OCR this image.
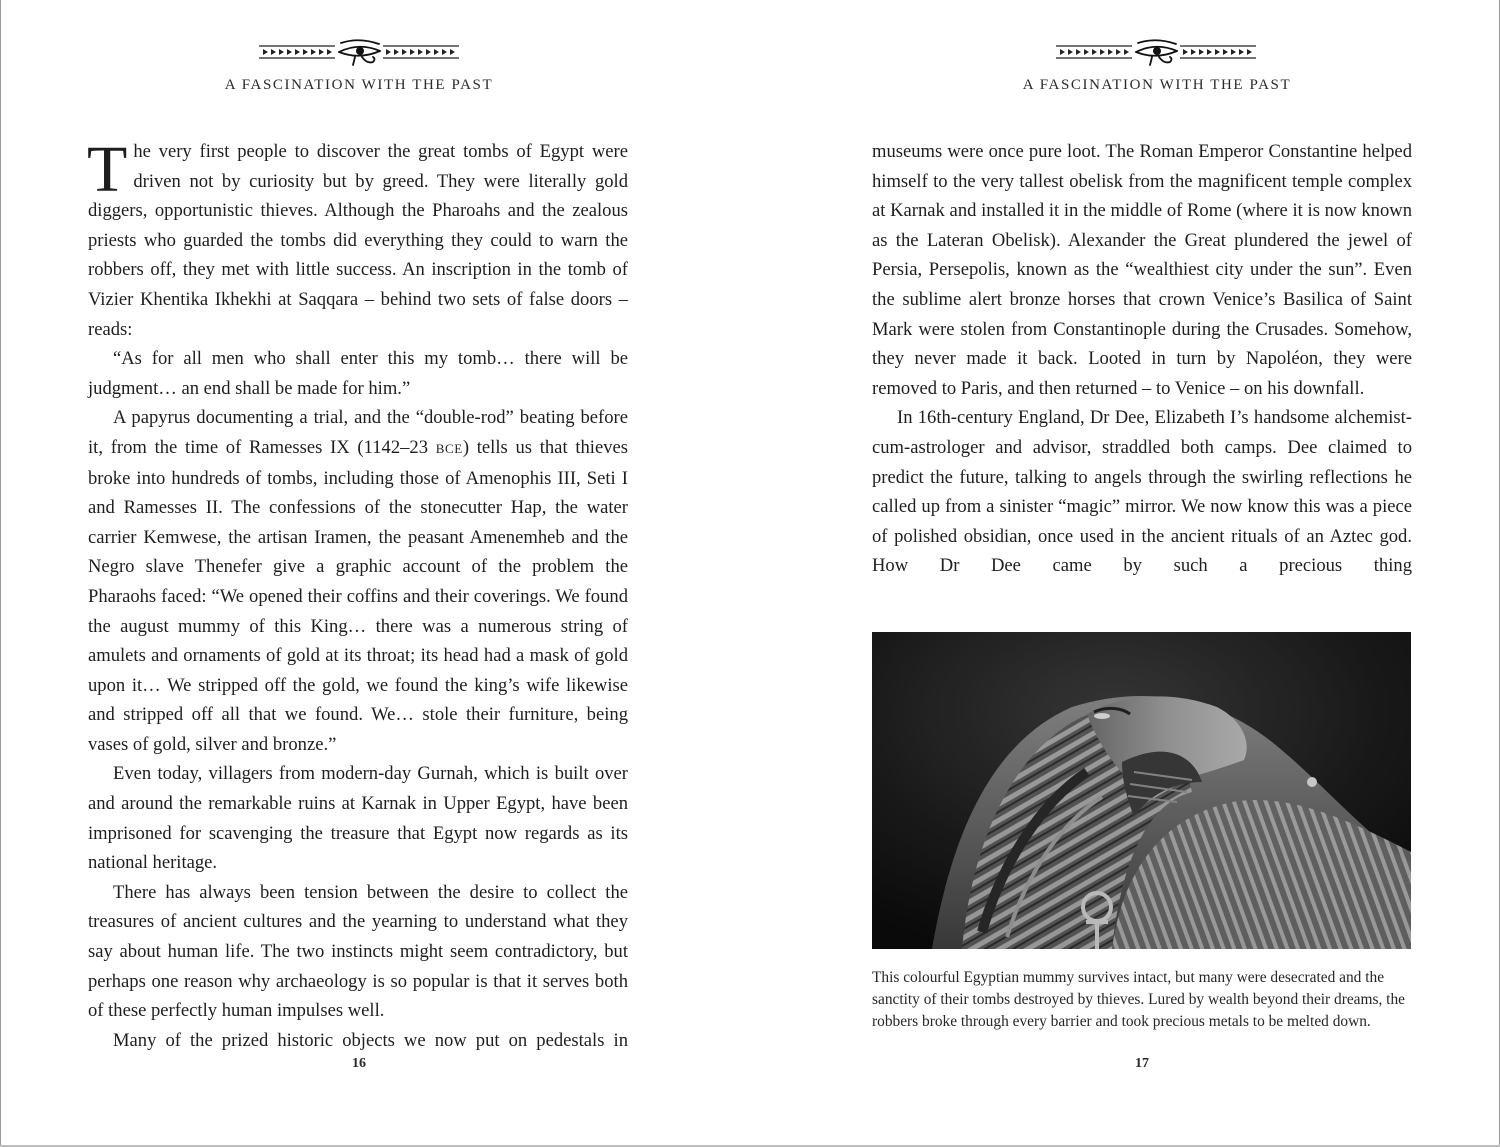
A FASCINATION WITH THE PAST

The very first people to discover the great tombs of Egypt were driven not by curiosity but by greed. They were literally gold diggers, opportunistic thieves. Although the Pharoahs and the zealous priests who guarded the tombs did everything they could to warn the robbers off, they met with little success. An inscription in the tomb of Vizier Khentika Ikhekhi at Saqqara – behind two sets of false doors – reads:

“As for all men who shall enter this my tomb… there will be judgment… an end shall be made for him.”

A papyrus documenting a trial, and the “double-rod” beating before it, from the time of Ramesses IX (1142–23 BCE) tells us that thieves broke into hundreds of tombs, including those of Amenophis III, Seti I and Ramesses II. The confessions of the stonecutter Hap, the water carrier Kemwese, the artisan Iramen, the peasant Amenemheb and the Negro slave Thenefer give a graphic account of the problem the Pharaohs faced: “We opened their coffins and their coverings. We found the august mummy of this King… there was a numerous string of amulets and ornaments of gold at its throat; its head had a mask of gold upon it… We stripped off the gold, we found the king’s wife likewise and stripped off all that we found. We… stole their furniture, being vases of gold, silver and bronze.”

Even today, villagers from modern-day Gurnah, which is built over and around the remarkable ruins at Karnak in Upper Egypt, have been imprisoned for scavenging the treasure that Egypt now regards as its national heritage.

There has always been tension between the desire to collect the treasures of ancient cultures and the yearning to understand what they say about human life. The two instincts might seem contradictory, but perhaps one reason why archaeology is so popular is that it serves both of these perfectly human impulses well.

Many of the prized historic objects we now put on pedestals in

16
A FASCINATION WITH THE PAST

museums were once pure loot. The Roman Emperor Constantine helped himself to the very tallest obelisk from the magnificent temple complex at Karnak and installed it in the middle of Rome (where it is now known as the Lateran Obelisk). Alexander the Great plundered the jewel of Persia, Persepolis, known as the “wealthiest city under the sun”. Even the sublime alert bronze horses that crown Venice’s Basilica of Saint Mark were stolen from Constantinople during the Crusades. Somehow, they never made it back. Looted in turn by Napoléon, they were removed to Paris, and then returned – to Venice – on his downfall.

In 16th-century England, Dr Dee, Elizabeth I’s handsome alchemist-cum-astrologer and advisor, straddled both camps. Dee claimed to predict the future, talking to angels through the swirling reflections he called up from a sinister “magic” mirror. We now know this was a piece of polished obsidian, once used in the ancient rituals of an Aztec god. How Dr Dee came by such a precious thing

This colourful Egyptian mummy survives intact, but many were desecrated and the sanctity of their tombs destroyed by thieves. Lured by wealth beyond their dreams, the robbers broke through every barrier and took precious metals to be melted down.
17
